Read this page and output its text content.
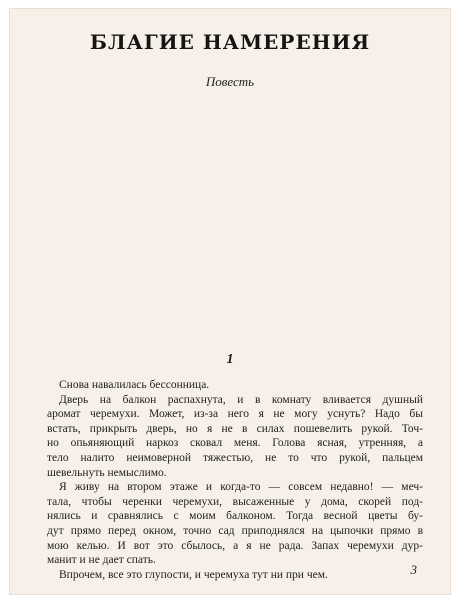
БЛАГИЕ НАМЕРЕНИЯ
Повесть
1
Снова навалилась бессонница.
Дверь на балкон распахнута, и в комнату вливается душный
аромат черемухи. Может, из-за него я не могу уснуть? Надо бы
встать, прикрыть дверь, но я не в силах пошевелить рукой. Точ-
но опьяняющий наркоз сковал меня. Голова ясная, утренняя, а
тело налито неимоверной тяжестью, не то что рукой, пальцем
шевельнуть немыслимо.
Я живу на втором этаже и когда-то — совсем недавно! — меч-
тала, чтобы черенки черемухи, высаженные у дома, скорей под-
нялись и сравнялись с моим балконом. Тогда весной цветы бу-
дут прямо перед окном, точно сад приподнялся на цыпочки прямо в
мою келью. И вот это сбылось, а я не рада. Запах черемухи дур-
манит и не дает спать.
Впрочем, все это глупости, и черемуха тут ни при чем.	3
